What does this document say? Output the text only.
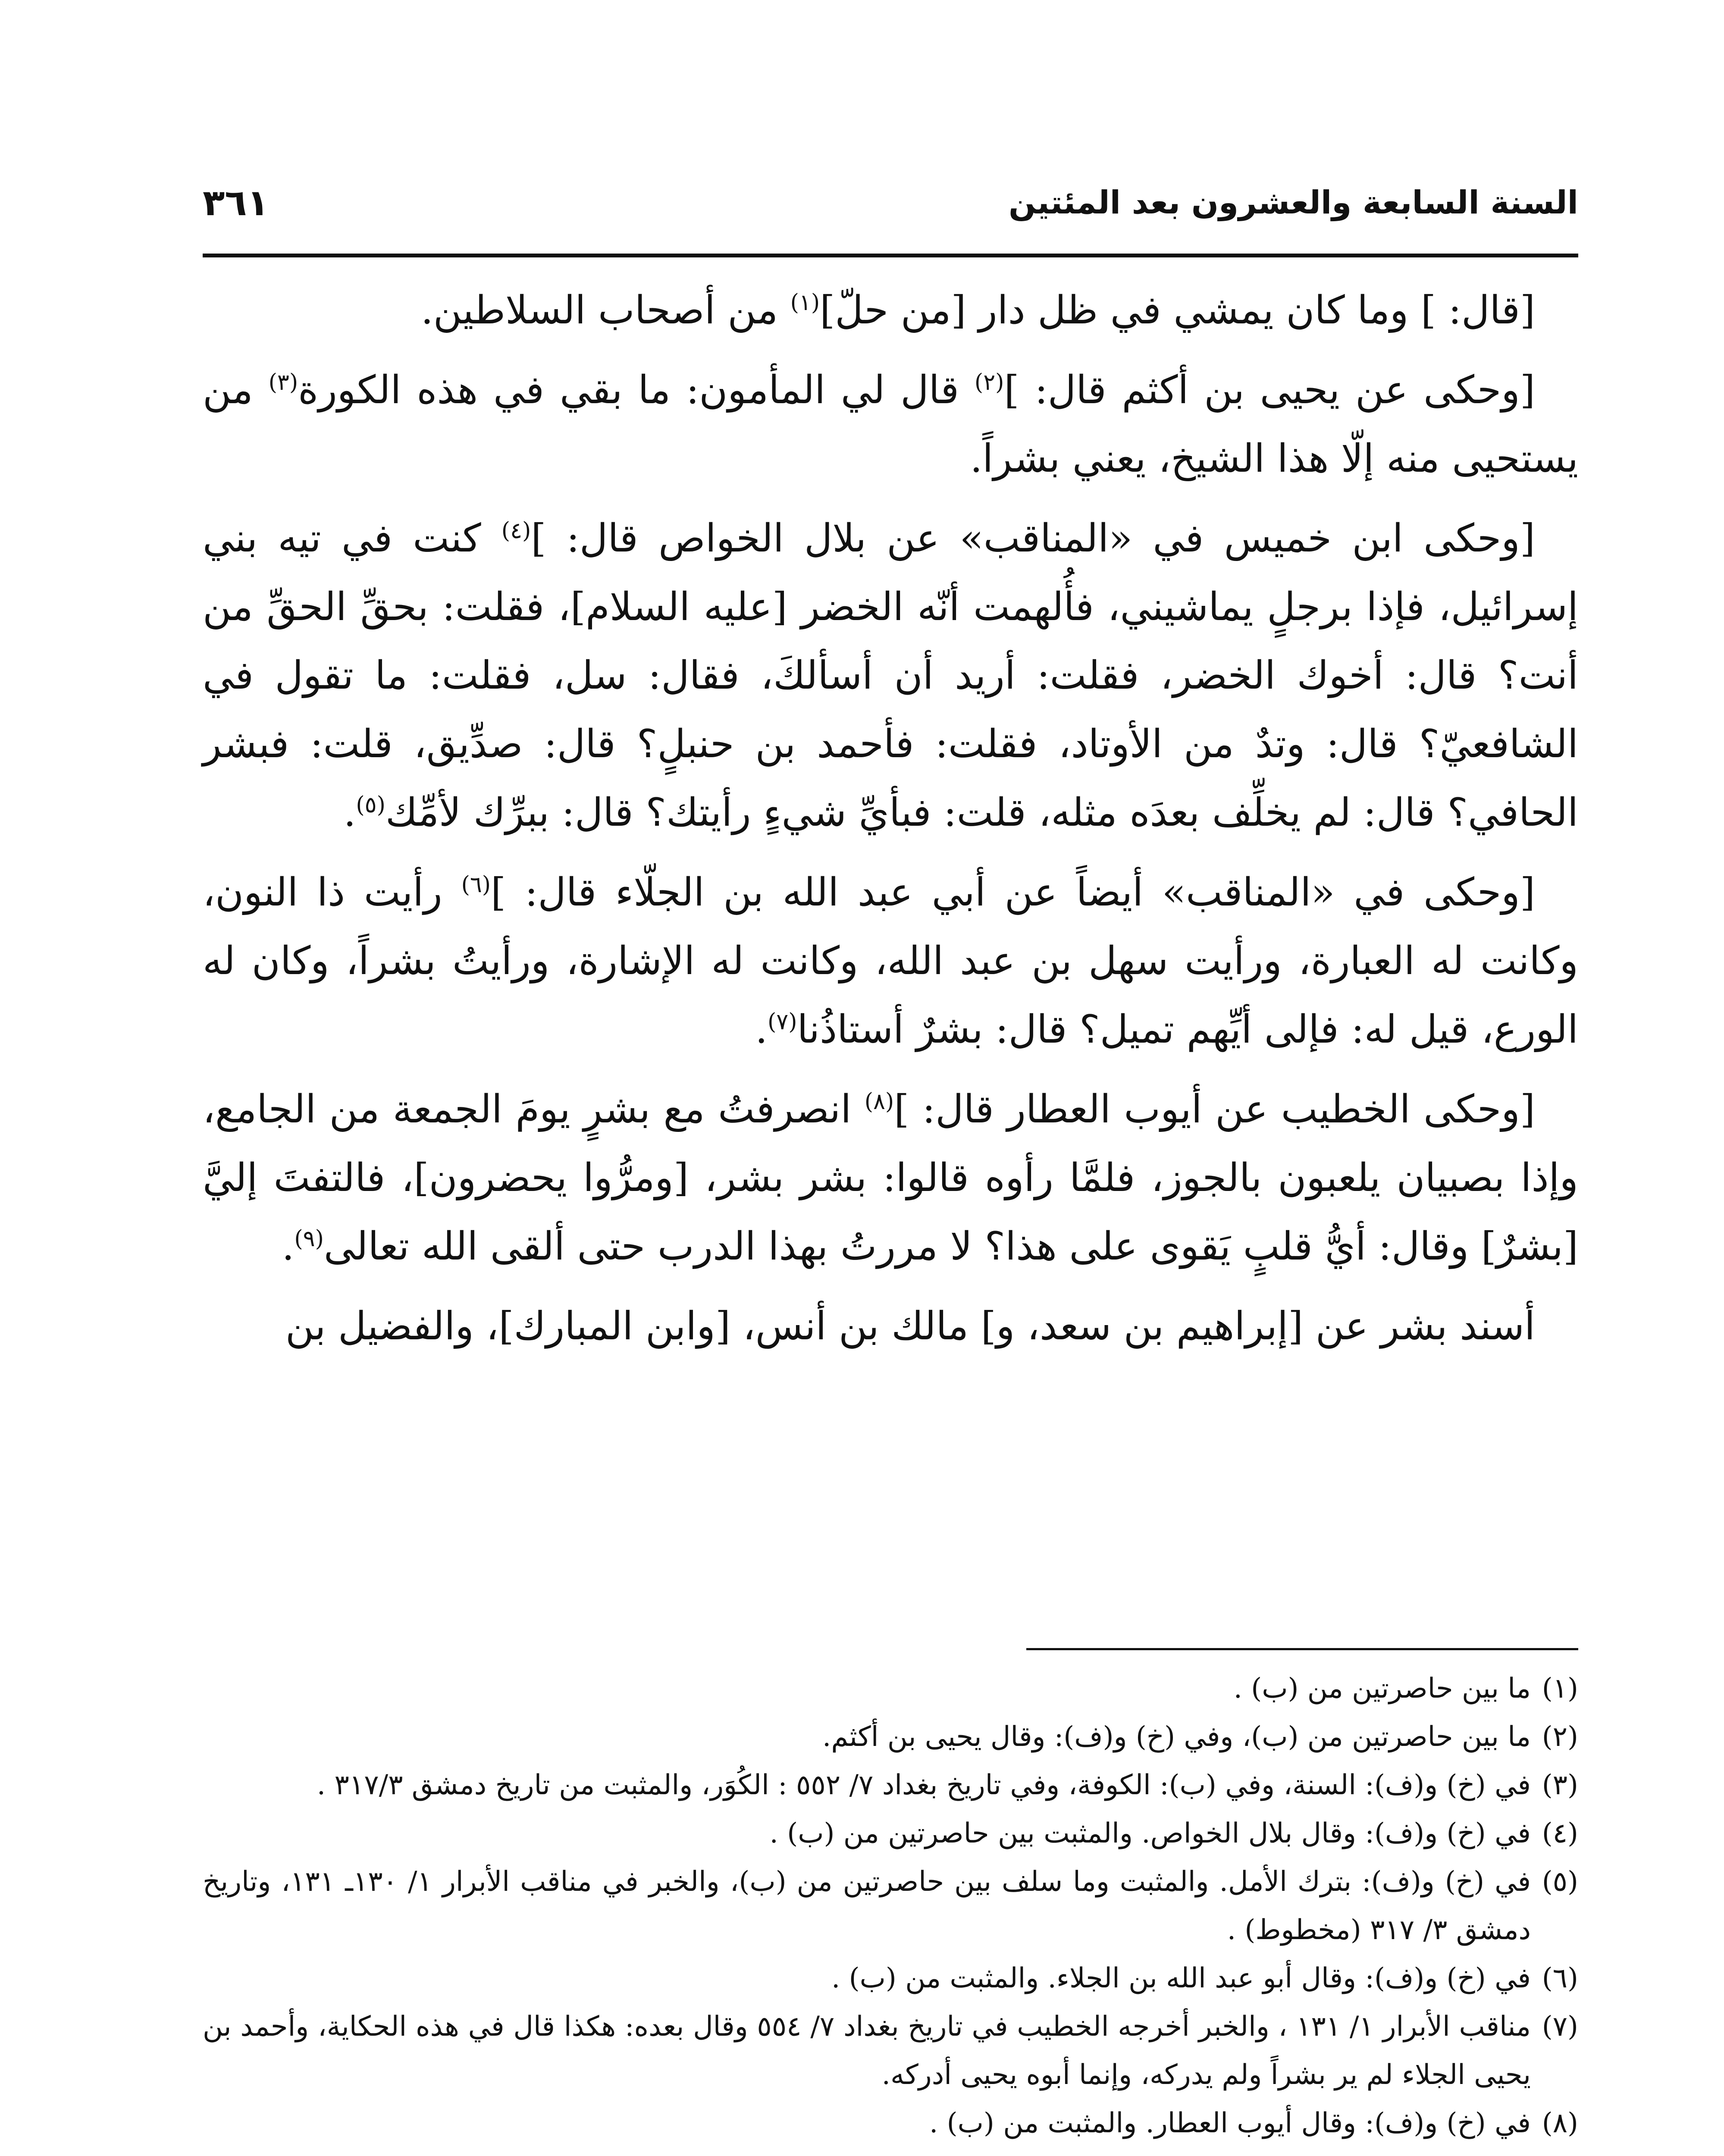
السنة السابعة والعشرون بعد المئتين
٣٦١

[قال: ] وما كان يمشي في ظل دار [من حلّ]$^{(١)}$ من أصحاب السلاطين.

[وحكى عن يحيى بن أكثم قال: ]$^{(٢)}$ قال لي المأمون: ما بقي في هذه الكورة$^{(٣)}$ من يستحيى منه إلّا هذا الشيخ، يعني بشراً.

[وحكى ابن خميس في «المناقب» عن بلال الخواص قال: ]$^{(٤)}$ كنت في تيه بني إسرائيل، فإذا برجلٍ يماشيني، فأُلهمت أنّه الخضر [عليه السلام]، فقلت: بحقِّ الحقِّ من أنت؟ قال: أخوك الخضر، فقلت: أريد أن أسألكَ، فقال: سل، فقلت: ما تقول في الشافعيّ؟ قال: وتدٌ من الأوتاد، فقلت: فأحمد بن حنبلٍ؟ قال: صدِّيق، قلت: فبشر الحافي؟ قال: لم يخلِّف بعدَه مثله، قلت: فبأيِّ شيءٍ رأيتك؟ قال: ببرِّك لأمِّك$^{(٥)}$.

[وحكى في «المناقب» أيضاً عن أبي عبد الله بن الجلّاء قال: ]$^{(٦)}$ رأيت ذا النون، وكانت له العبارة، ورأيت سهل بن عبد الله، وكانت له الإشارة، ورأيتُ بشراً، وكان له الورع، قيل له: فإلى أيِّهم تميل؟ قال: بشرٌ أستاذُنا$^{(٧)}$.

[وحكى الخطيب عن أيوب العطار قال: ]$^{(٨)}$ انصرفتُ مع بشرٍ يومَ الجمعة من الجامع، وإذا بصبيان يلعبون بالجوز، فلمَّا رأوه قالوا: بشر بشر، [ومرُّوا يحضرون]، فالتفتَ إليَّ [بشرٌ] وقال: أيُّ قلبٍ يَقوى على هذا؟ لا مررتُ بهذا الدرب حتى ألقى الله تعالى$^{(٩)}$.

أسند بشر عن [إبراهيم بن سعد، و] مالك بن أنس، [وابن المبارك]، والفضيل بن

(١)
ما بين حاصرتين من (ب) .
(٢)
ما بين حاصرتين من (ب)، وفي (خ) و(ف): وقال يحيى بن أكثم.
(٣)
في (خ) و(ف): السنة، وفي (ب): الكوفة، وفي تاريخ بغداد ٧/ ٥٥٢ : الكُوَر، والمثبت من تاريخ دمشق ٣١٧/٣ .
(٤)
في (خ) و(ف): وقال بلال الخواص. والمثبت بين حاصرتين من (ب) .
(٥)
في (خ) و(ف): بترك الأمل. والمثبت وما سلف بين حاصرتين من (ب)، والخبر في مناقب الأبرار ١/ ١٣٠ـ ١٣١، وتاريخ دمشق ٣/ ٣١٧ (مخطوط) .
(٦)
في (خ) و(ف): وقال أبو عبد الله بن الجلاء. والمثبت من (ب) .
(٧)
مناقب الأبرار ١/ ١٣١ ، والخبر أخرجه الخطيب في تاريخ بغداد ٧/ ٥٥٤ وقال بعده: هكذا قال في هذه الحكاية، وأحمد بن يحيى الجلاء لم ير بشراً ولم يدركه، وإنما أبوه يحيى أدركه.
(٨)
في (خ) و(ف): وقال أيوب العطار. والمثبت من (ب) .
